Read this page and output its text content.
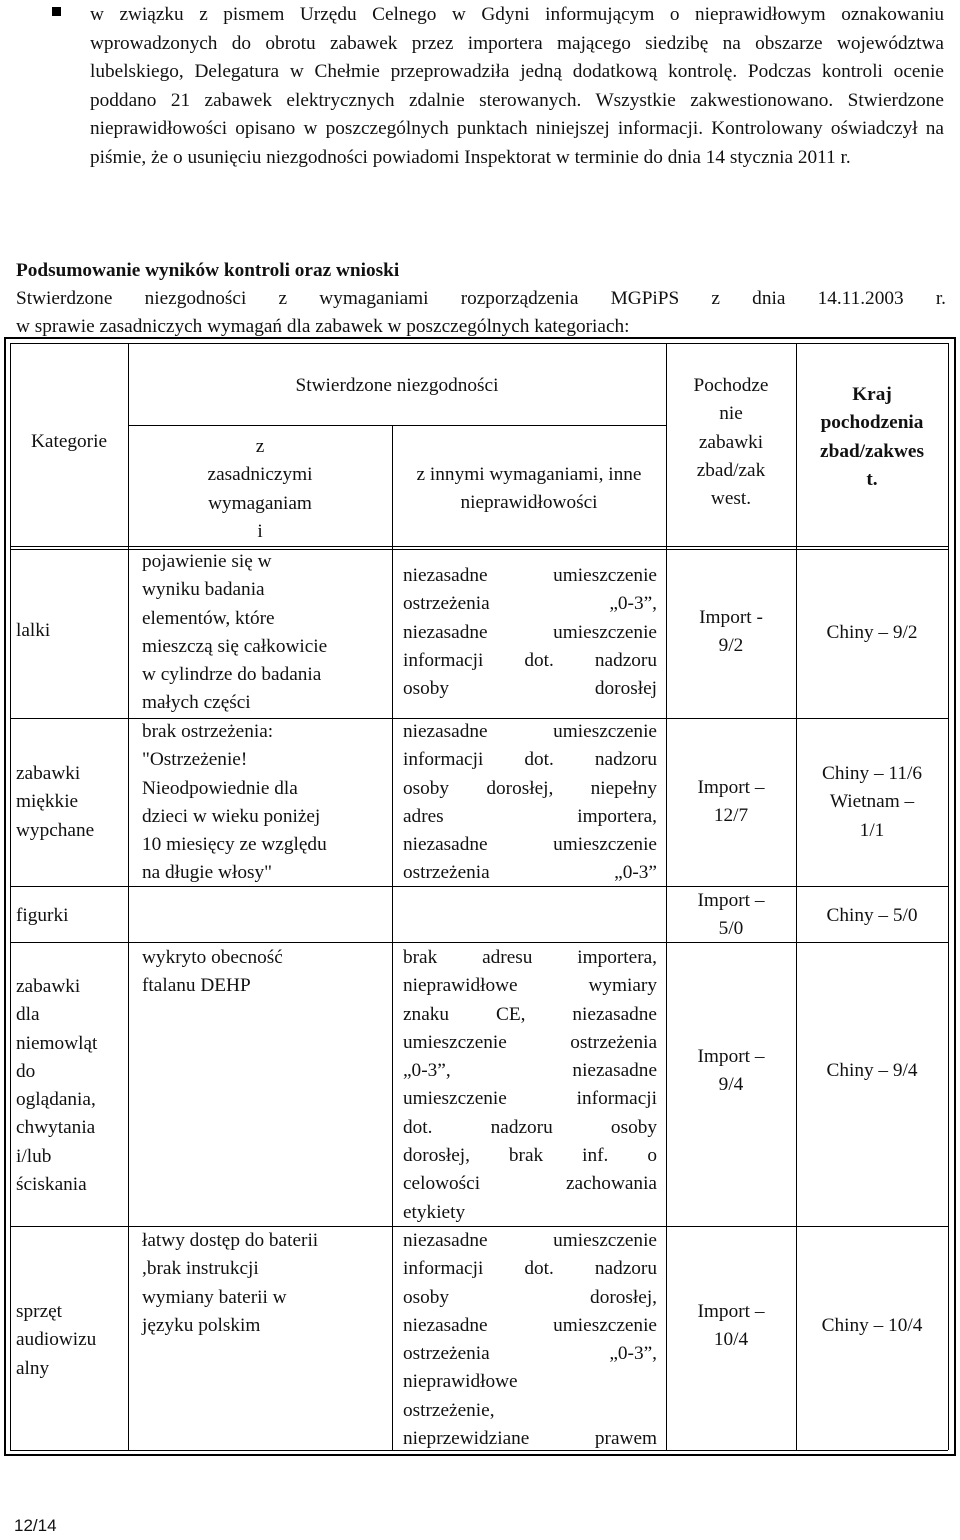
w związku z pismem Urzędu Celnego w Gdyni informującym o nieprawidłowym oznakowaniu wprowadzonych do obrotu zabawek przez importera mającego siedzibę na obszarze województwa lubelskiego, Delegatura w Chełmie przeprowadziła jedną dodatkową kontrolę. Podczas kontroli ocenie poddano 21 zabawek elektrycznych zdalnie sterowanych. Wszystkie zakwestionowano. Stwierdzone nieprawidłowości opisano w poszczególnych punktach niniejszej informacji. Kontrolowany oświadczył na piśmie, że o usunięciu niezgodności powiadomi Inspektorat w terminie do dnia 14 stycznia 2011 r.
Podsumowanie wyników kontroli oraz wnioski
Stwierdzone niezgodności z wymaganiami rozporządzenia MGPiPS z dnia 14.11.2003 r.
w sprawie zasadniczych wymagań dla zabawek w poszczególnych kategoriach:
Kategorie
Stwierdzone niezgodności
z
zasadniczymi
wymaganiam
i
z innymi wymaganiami, inne nieprawidłowości
Pochodze
nie
zabawki
zbad/zak
west.
Kraj
pochodzenia
zbad/zakwes
t.
lalki
pojawienie się w
wyniku badania
elementów, które
mieszczą się całkowicie
w cylindrze do badania
małych części
niezasadne umieszczenie
ostrzeżenia „0-3”,
niezasadne umieszczenie
informacji dot. nadzoru
osoby dorosłej
Import -
9/2
Chiny – 9/2
zabawki
miękkie
wypchane
brak ostrzeżenia:
"Ostrzeżenie!
Nieodpowiednie dla
dzieci w wieku poniżej
10 miesięcy ze względu
na długie włosy"
niezasadne umieszczenie
informacji dot. nadzoru
osoby dorosłej, niepełny
adres importera,
niezasadne umieszczenie
ostrzeżenia „0-3”
Import –
12/7
Chiny – 11/6
Wietnam –
1/1
figurki
Import –
5/0
Chiny – 5/0
zabawki
dla
niemowląt
do
oglądania,
chwytania
i/lub
ściskania
wykryto obecność
ftalanu DEHP
brak adresu importera,
nieprawidłowe wymiary
znaku CE, niezasadne
umieszczenie ostrzeżenia
„0-3”, niezasadne
umieszczenie informacji
dot. nadzoru osoby
dorosłej, brak inf. o
celowości zachowania
etykiety
Import –
9/4
Chiny – 9/4
sprzęt
audiowizu
alny
łatwy dostęp do baterii
,brak instrukcji
wymiany baterii w
języku polskim
niezasadne umieszczenie
informacji dot. nadzoru
osoby dorosłej,
niezasadne umieszczenie
ostrzeżenia „0-3”,
nieprawidłowe
ostrzeżenie,
nieprzewidziane prawem
Import –
10/4
Chiny – 10/4
12/14
